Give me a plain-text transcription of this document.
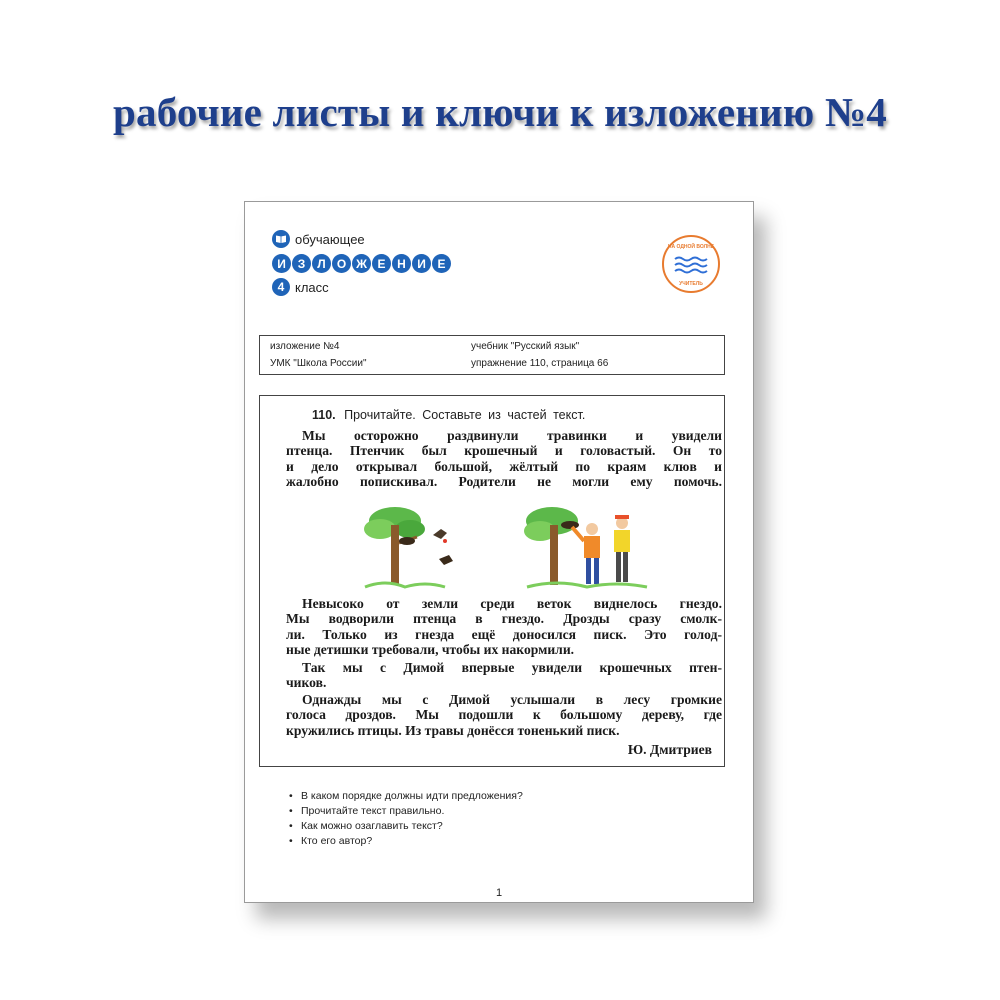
рабочие листы и ключи к изложению №4
обучающее
И З	Л О Ж Е Н И Е
4 класс
НА ОДНОЙ ВОЛНЕ
УЧИТЕЛЬ
изложение №4
УМК "Школа России"
учебник "Русский язык"
упражнение 110, страница 66
110. Прочитайте. Составьте из частей текст.
Мы осторожно раздвинули травинки и увидели
птенца. Птенчик был крошечный и головастый. Он то
и дело открывал большой, жёлтый по краям клюв и
жалобно попискивал. Родители не могли ему помочь.
Невысоко от земли среди веток виднелось гнездо.
Мы водворили птенца в гнездо. Дрозды сразу смолк-
ли. Только из гнезда ещё доносился писк. Это голод-
ные детишки требовали, чтобы их накормили.
Так мы с Димой впервые увидели крошечных птен-
чиков.
Однажды мы с Димой услышали в лесу громкие
голоса дроздов. Мы подошли к большому дереву, где
кружились птицы. Из травы донёсся тоненький писк.
Ю. Дмитриев
• В каком порядке должны идти предложения?
• Прочитайте текст правильно.
• Как можно озаглавить текст?
• Кто его автор?
1
